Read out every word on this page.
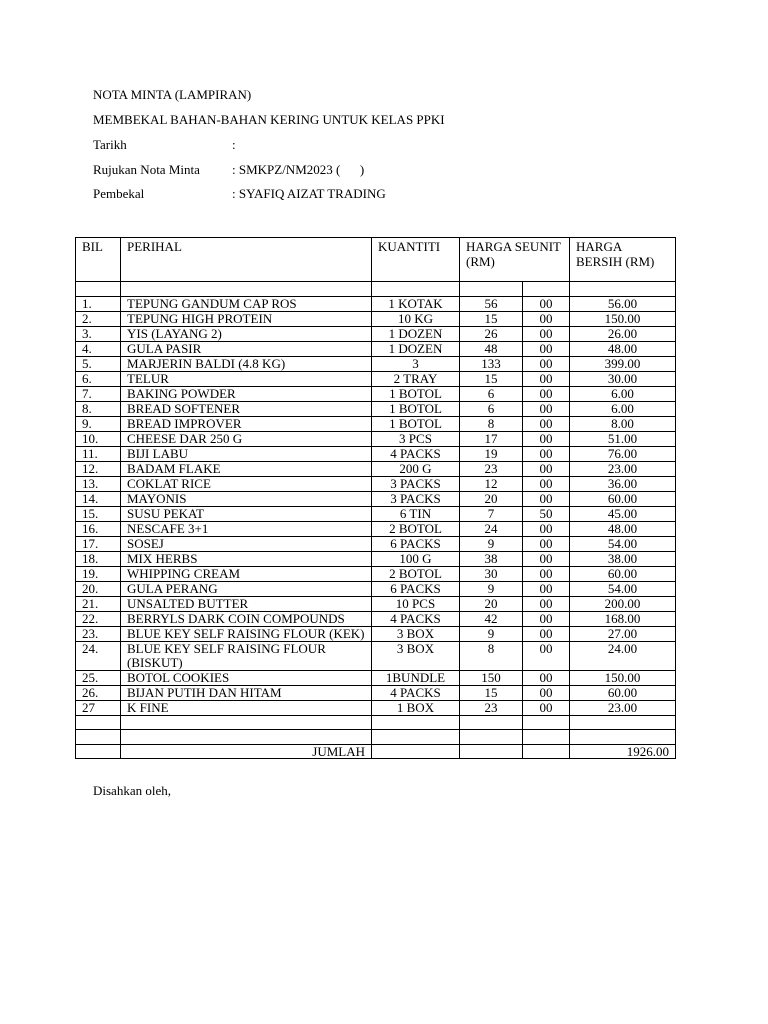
NOTA MINTA (LAMPIRAN)
MEMBEKAL BAHAN-BAHAN KERING UNTUK KELAS PPKI
Tarikh	:
Rujukan Nota Minta : SMKPZ/NM2023 (      )
Pembekal	: SYAFIQ AIZAT TRADING
BIL	PERIHAL	KUANTITI	HARGA SEUNIT (RM)		HARGA BERSIH (RM)

1.	TEPUNG GANDUM CAP ROS	1 KOTAK	56	00	56.00
2.	TEPUNG HIGH PROTEIN	10 KG	15	00	150.00
3.	YIS (LAYANG 2)	1 DOZEN	26	00	26.00
4.	GULA PASIR	1 DOZEN	48	00	48.00
5.	MARJERIN BALDI (4.8 KG)	3	133	00	399.00
6.	TELUR	2 TRAY	15	00	30.00
7.	BAKING POWDER	1 BOTOL	6	00	6.00
8.	BREAD SOFTENER	1 BOTOL	6	00	6.00
9.	BREAD IMPROVER	1 BOTOL	8	00	8.00
10.	CHEESE DAR 250 G	3 PCS	17	00	51.00
11.	BIJI LABU	4 PACKS	19	00	76.00
12.	BADAM FLAKE	200 G	23	00	23.00
13.	COKLAT RICE	3 PACKS	12	00	36.00
14.	MAYONIS	3 PACKS	20	00	60.00
15.	SUSU PEKAT	6 TIN	7	50	45.00
16.	NESCAFE 3+1	2 BOTOL	24	00	48.00
17.	SOSEJ	6 PACKS	9	00	54.00
18.	MIX HERBS	100 G	38	00	38.00
19.	WHIPPING CREAM	2 BOTOL	30	00	60.00
20.	GULA PERANG	6 PACKS	9	00	54.00
21.	UNSALTED BUTTER	10 PCS	20	00	200.00
22.	BERRYLS DARK COIN COMPOUNDS	4 PACKS	42	00	168.00
23.	BLUE KEY SELF RAISING FLOUR (KEK)	3 BOX	9	00	27.00
24.	BLUE KEY SELF RAISING FLOUR (BISKUT)	3 BOX	8	00	24.00
25.	BOTOL COOKIES	1BUNDLE	150	00	150.00
26.	BIJAN PUTIH DAN HITAM	4 PACKS	15	00	60.00
27	K FINE	1 BOX	23	00	23.00

	JUMLAH				1926.00
Disahkan oleh,
